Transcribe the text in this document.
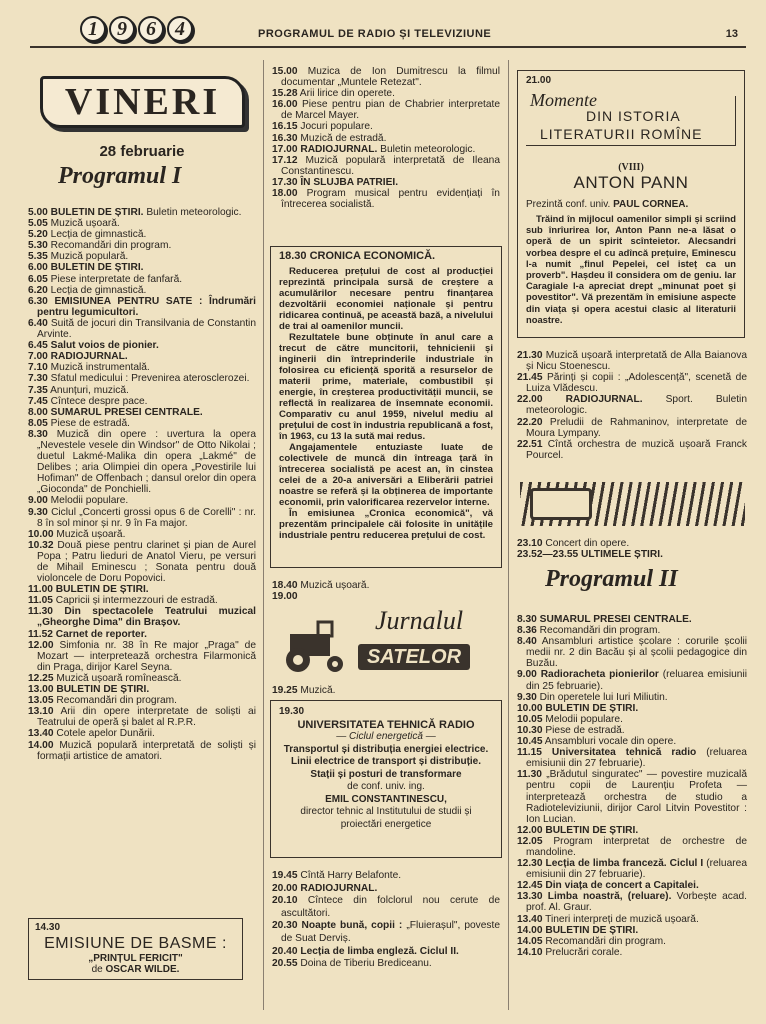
1 9 6 4	PROGRAMUL DE RADIO ȘI TELEVIZIUNE	13
VINERI
28 februarie
Programul I
5.00 BULETIN DE ȘTIRI. Buletin meteorologic.
5.05 Muzică ușoară.
5.20 Lecția de gimnastică.
5.30 Recomandări din program.
5.35 Muzică populară.
6.00 BULETIN DE ȘTIRI.
6.05 Piese interpretate de fanfară.
6.20 Lecția de gimnastică.
6.30 EMISIUNEA PENTRU SATE : Îndrumări pentru legumicultori.
6.40 Suită de jocuri din Transilvania de Constantin Arvinte.
6.45 Salut voios de pionier.
7.00 RADIOJURNAL.
7.10 Muzică instrumentală.
7.30 Sfatul medicului : Prevenirea aterosclerozei.
7.35 Anunțuri, muzică.
7.45 Cîntece despre pace.
8.00 SUMARUL PRESEI CENTRALE.
8.05 Piese de estradă.
8.30 Muzică din opere : uvertura la opera „Nevestele vesele din Windsor" de Otto Nikolai ; duetul Lakmé-Malika din opera „Lakmé" de Delibes ; aria Olimpiei din opera „Povestirile lui Hofiman" de Offenbach ; dansul orelor din opera „Gioconda" de Ponchielli.
9.00 Melodii populare.
9.30 Ciclul „Concerti grossi opus 6 de Corelli" : nr. 8 în sol minor și nr. 9 în Fa major.
10.00 Muzică ușoară.
10.32 Două piese pentru clarinet și pian de Aurel Popa ; Patru lieduri de Anatol Vieru, pe versuri de Mihail Eminescu ; Sonata pentru două violoncele de Doru Popovici.
11.00 BULETIN DE ȘTIRI.
11.05 Capricii și intermezzouri de estradă.
11.30 Din spectacolele Teatrului muzical „Gheorghe Dima" din Brașov.
11.52 Carnet de reporter.
12.00 Simfonia nr. 38 în Re major „Praga" de Mozart — interpretează orchestra Filarmonică din Praga, dirijor Karel Seyna.
12.25 Muzică ușoară romînească.
13.00 BULETIN DE ȘTIRI.
13.05 Recomandări din program.
13.10 Arii din opere interpretate de soliști ai Teatrului de operă și balet al R.P.R.
13.40 Cotele apelor Dunării.
14.00 Muzică populară interpretată de soliști și formații artistice de amatori.
14.30
EMISIUNE DE BASME :
„PRINȚUL FERICIT"
de OSCAR WILDE.
15.00 Muzica de Ion Dumitrescu la filmul documentar „Muntele Retezat".
15.28 Arii lirice din operete.
16.00 Piese pentru pian de Chabrier interpretate de Marcel Mayer.
16.15 Jocuri populare.
16.30 Muzică de estradă.
17.00 RADIOJURNAL. Buletin meteorologic.
17.12 Muzică populară interpretată de Ileana Constantinescu.
17.30 ÎN SLUJBA PATRIEI.
18.00 Program musical pentru evidențiați în întrecerea socialistă.
18.30 CRONICA ECONOMICĂ.
Reducerea prețului de cost al producției reprezintă principala sursă de creștere a acumulărilor necesare pentru finanțarea dezvoltării economiei naționale și pentru ridicarea continuă, pe această bază, a nivelului de trai al oamenilor muncii.
Rezultatele bune obținute în anul care a trecut de către muncitorii, tehnicienii și inginerii din întreprinderile industriale în folosirea cu eficiență sporită a resurselor de materii prime, materiale, combustibil și energie, în creșterea productivității muncii, se reflectă în realizarea de însemnate economii. Comparativ cu anul 1959, nivelul mediu al prețului de cost în industria republicană a fost, în 1963, cu 13 la sută mai redus.
Angajamentele entuziaste luate de colectivele de muncă din întreaga țară în întrecerea socialistă pe acest an, în cinstea celei de a 20-a aniversări a Eliberării patriei noastre se referă și la obținerea de importante economii, prin valorificarea rezervelor interne.
În emisiunea „Cronica economică", vă prezentăm principalele căi folosite în unitățile industriale pentru reducerea prețului de cost.
18.40 Muzică ușoară.
19.00
Jurnalul
SATELOR
19.25 Muzică.
19.30
UNIVERSITATEA TEHNICĂ RADIO
— Ciclul energetică —
Transportul și distribuția energiei electrice. Linii electrice de transport și distribuție. Stații și posturi de transformare
de conf. univ. ing.
EMIL CONSTANTINESCU,
director tehnic al Institutului de studii și proiectări energetice
19.45 Cîntă Harry Belafonte.
20.00 RADIOJURNAL.
20.10 Cîntece din folclorul nou cerute de ascultători.
20.30 Noapte bună, copii : „Fluierașul", poveste de Suat Derviș.
20.40 Lecția de limba engleză. Ciclul II.
20.55 Doina de Tiberiu Brediceanu.
21.00
Momente
DIN ISTORIA
LITERATURII ROMÎNE
(VIII)
ANTON PANN
Prezintă conf. univ. PAUL CORNEA.
Trăind în mijlocul oamenilor simpli și scriind sub înrîurirea lor, Anton Pann ne-a lăsat o operă de un spirit scînteietor. Alecsandri vorbea despre el cu adîncă prețuire, Eminescu l-a numit „finul Pepelei, cel isteț ca un proverb". Hașdeu îl considera om de geniu. Iar Caragiale l-a apreciat drept „minunat poet și povestitor". Vă prezentăm în emisiune aspecte din viața și opera acestui clasic al literaturii noastre.
21.30 Muzică ușoară interpretată de Alla Baianova și Nicu Stoenescu.
21.45 Părinți și copii : „Adolescență", scenetă de Luiza Vlădescu.
22.00 RADIOJURNAL. Sport. Buletin meteorologic.
22.20 Preludii de Rahmaninov, interpretate de Moura Lympany.
22.51 Cîntă orchestra de muzică ușoară Franck Pourcel.
23.10 Concert din opere.
23.52—23.55 ULTIMELE ȘTIRI.
Programul II
8.30 SUMARUL PRESEI CENTRALE.
8.36 Recomandări din program.
8.40 Ansambluri artistice școlare : corurile școlii medii nr. 2 din Bacău și al școlii pedagogice din Buzău.
9.00 Radioracheta pionierilor (reluarea emisiunii din 25 februarie).
9.30 Din operetele lui Iuri Miliutin.
10.00 BULETIN DE ȘTIRI.
10.05 Melodii populare.
10.30 Piese de estradă.
10.45 Ansambluri vocale din opere.
11.15 Universitatea tehnică radio (reluarea emisiunii din 27 februarie).
11.30 „Brădutul singuratec" — povestire muzicală pentru copii de Laurențiu Profeta — interpretează orchestra de studio a Radioteleviziunii, dirijor Carol Litvin Povestitor : Ion Lucian.
12.00 BULETIN DE ȘTIRI.
12.05 Program interpretat de orchestre de mandoline.
12.30 Lecția de limba franceză. Ciclul I (reluarea emisiunii din 27 februarie).
12.45 Din viața de concert a Capitalei.
13.30 Limba noastră, (reluare). Vorbește acad. prof. Al. Graur.
13.40 Tineri interpreți de muzică ușoară.
14.00 BULETIN DE ȘTIRI.
14.05 Recomandări din program.
14.10 Prelucrări corale.
